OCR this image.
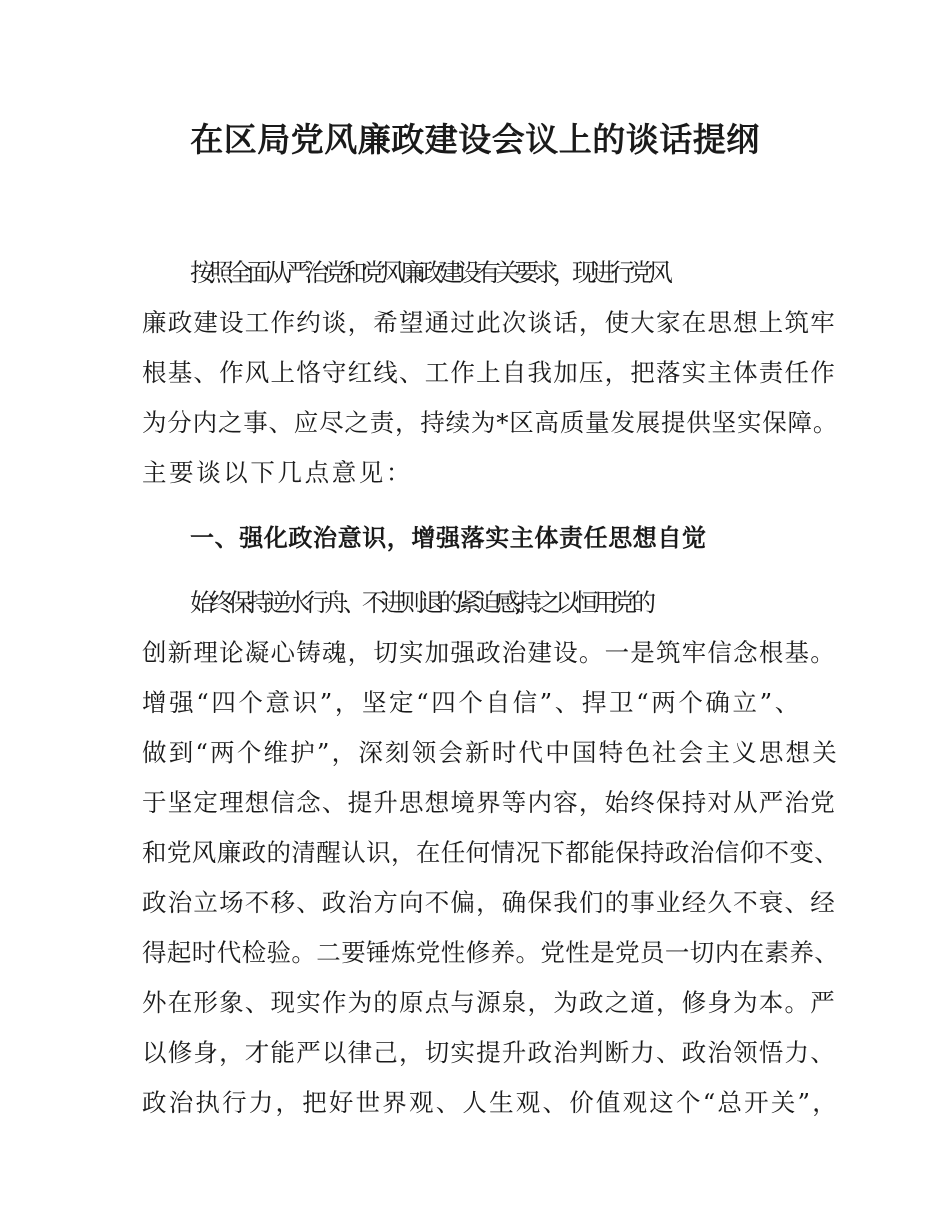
在区局党风廉政建设会议上的谈话提纲
按照全面从严治党和党风廉政建设有关要求，现进行党风
廉政建设工作约谈，希望通过此次谈话，使大家在思想上筑牢
根基、作风上恪守红线、工作上自我加压，把落实主体责任作
为分内之事、应尽之责，持续为*区高质量发展提供坚实保障。
主要谈以下几点意见：
一、强化政治意识，增强落实主体责任思想自觉
始终保持逆水行舟、不进则退的紧迫感,持之以恒用党的
创新理论凝心铸魂，切实加强政治建设。一是筑牢信念根基。
增强“四个意识”，坚定“四个自信”、捍卫“两个确立”、
做到“两个维护”，深刻领会新时代中国特色社会主义思想关
于坚定理想信念、提升思想境界等内容，始终保持对从严治党
和党风廉政的清醒认识，在任何情况下都能保持政治信仰不变、
政治立场不移、政治方向不偏，确保我们的事业经久不衰、经
得起时代检验。二要锤炼党性修养。党性是党员一切内在素养、
外在形象、现实作为的原点与源泉，为政之道，修身为本。严
以修身，才能严以律己，切实提升政治判断力、政治领悟力、
政治执行力，把好世界观、人生观、价值观这个“总开关”，
